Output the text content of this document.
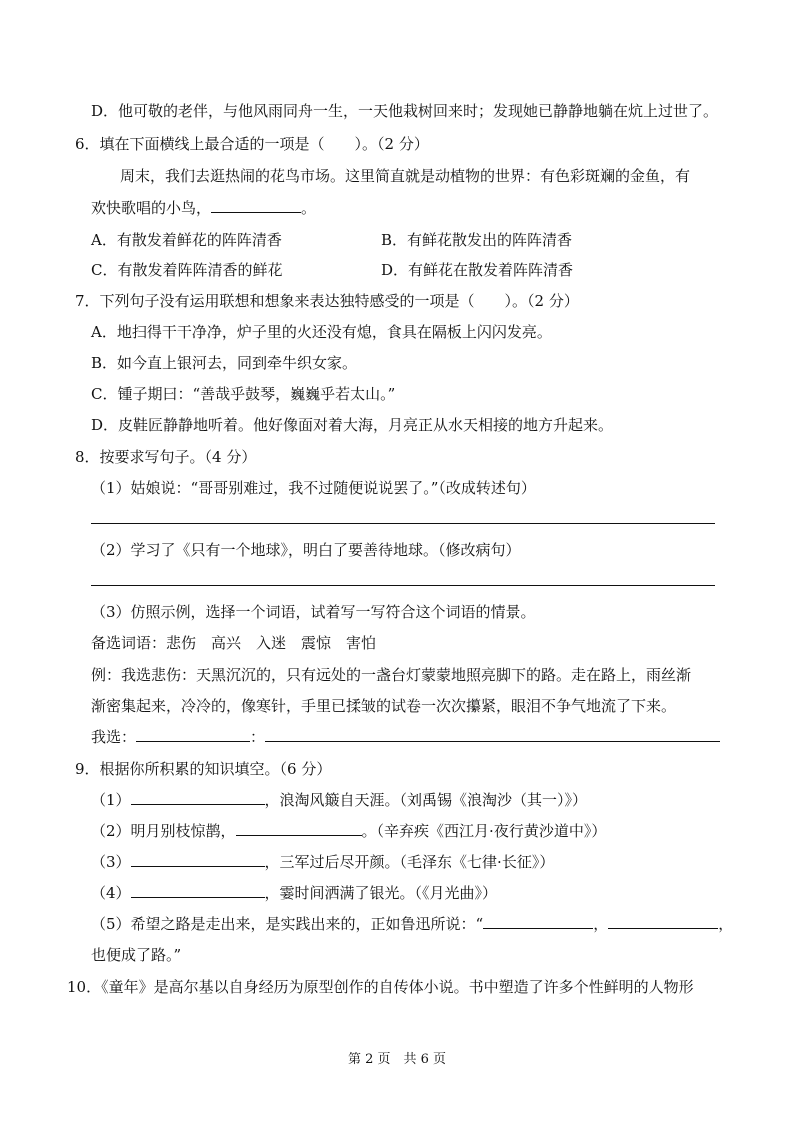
D．他可敬的老伴，与他风雨同舟一生，一天他栽树回来时；发现她已静静地躺在炕上过世了。
6．填在下面横线上最合适的一项是（　　）。（2 分）
周末，我们去逛热闹的花鸟市场。这里简直就是动植物的世界：有色彩斑斓的金鱼，有
欢快歌唱的小鸟，	。
A．有散发着鲜花的阵阵清香	B．有鲜花散发出的阵阵清香
C．有散发着阵阵清香的鲜花	D．有鲜花在散发着阵阵清香
7．下列句子没有运用联想和想象来表达独特感受的一项是（　　）。（2 分）
A．地扫得干干净净，炉子里的火还没有熄，食具在隔板上闪闪发亮。
B．如今直上银河去，同到牵牛织女家。
C．锺子期曰：“善哉乎鼓琴，巍巍乎若太山。”
D．皮鞋匠静静地听着。他好像面对着大海，月亮正从水天相接的地方升起来。
8．按要求写句子。（4 分）
（1）姑娘说：“哥哥别难过，我不过随便说说罢了。”（改成转述句）
（2）学习了《只有一个地球》，明白了要善待地球。（修改病句）
（3）仿照示例，选择一个词语，试着写一写符合这个词语的情景。
备选词语：悲伤　高兴　入迷　震惊　害怕
例：我选悲伤：天黑沉沉的，只有远处的一盏台灯蒙蒙地照亮脚下的路。走在路上，雨丝渐
渐密集起来，冷冷的，像寒针，手里已揉皱的试卷一次次攥紧，眼泪不争气地流了下来。
我选：	：
9．根据你所积累的知识填空。（6 分）
（1）	，浪淘风簸自天涯。（刘禹锡《浪淘沙（其一）》）
（2）明月别枝惊鹊，	。（辛弃疾《西江月·夜行黄沙道中》）
（3）	，三军过后尽开颜。（毛泽东《七律·长征》）
（4）	，霎时间洒满了银光。（《月光曲》）
（5）希望之路是走出来，是实践出来的，正如鲁迅所说：“	，	，
也便成了路。”
10．《童年》是高尔基以自身经历为原型创作的自传体小说。书中塑造了许多个性鲜明的人物形
第 2 页　共 6 页
